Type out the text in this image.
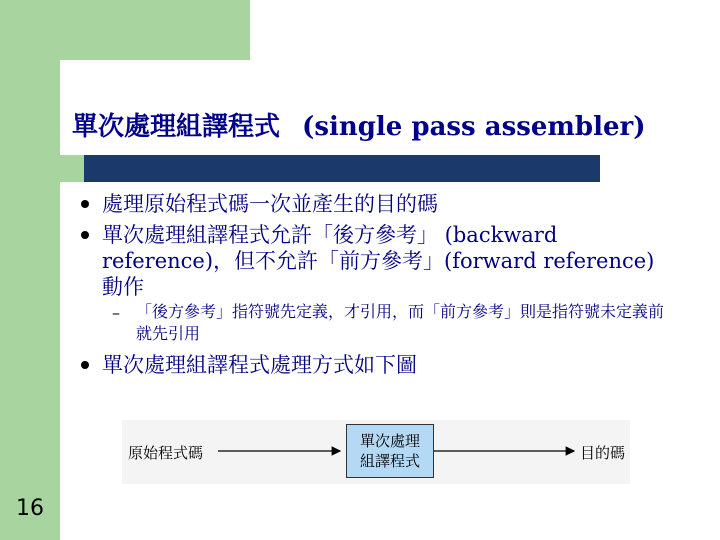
單次處理組譯程式 (single pass assembler)
處理原始程式碼一次並產生的目的碼
單次處理組譯程式允許「後方參考」 (backward reference)，但不允許「前方參考」(forward reference)動作
– 「後方參考」指符號先定義，才引用，而「前方參考」則是指符號未定義前就先引用
單次處理組譯程式處理方式如下圖
原始程式碼
單次處理
組譯程式	目的碼
16
